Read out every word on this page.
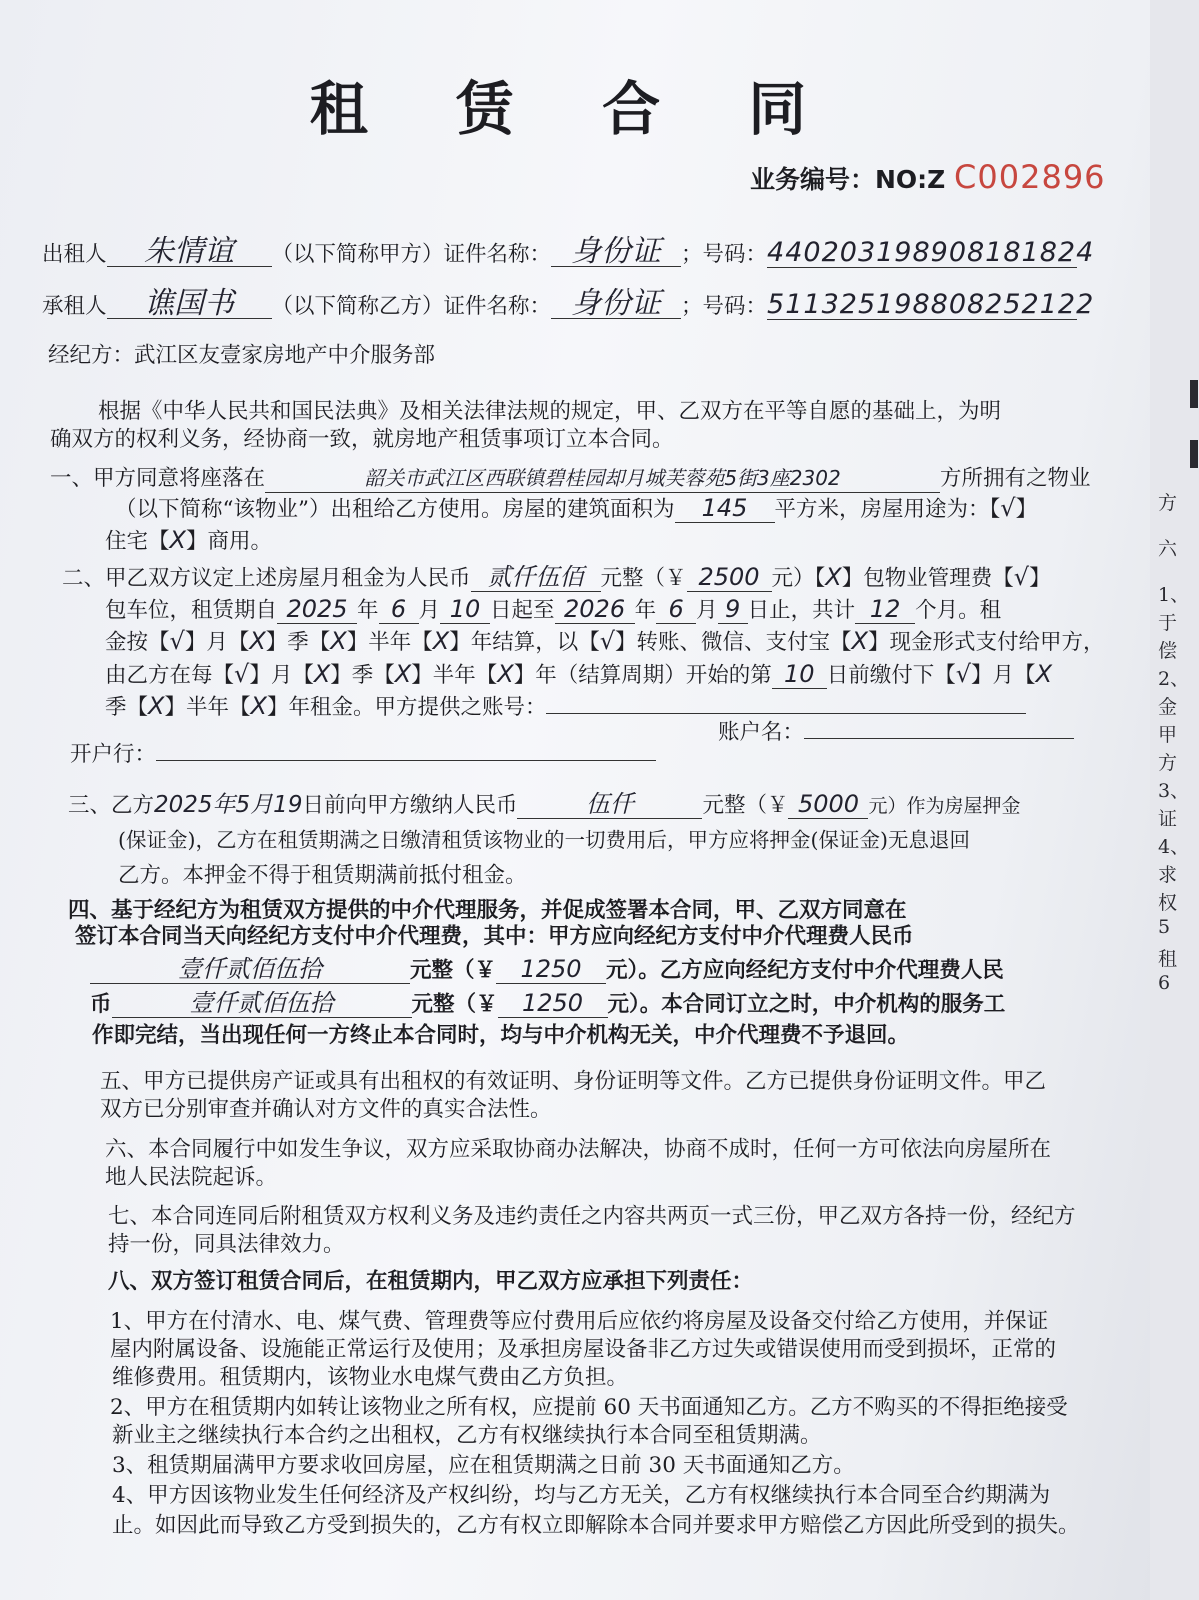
租 赁 合 同
业务编号：NO:Z C002896
出租人 朱情谊 （以下简称甲方）证件名称： 身份证 ；号码：440203198908181824
承租人 谯国书 （以下简称乙方）证件名称： 身份证 ；号码：511325198808252122
经纪方：武江区友壹家房地产中介服务部
根据《中华人民共和国民法典》及相关法律法规的规定，甲、乙双方在平等自愿的基础上，为明
确双方的权利义务，经协商一致，就房地产租赁事项订立本合同。
一、甲方同意将座落在	韶关市武江区西联镇碧桂园却月城芙蓉苑5街3座2302	方所拥有之物业
（以下简称“该物业”）出租给乙方使用。房屋的建筑面积为 145 平方米，房屋用途为：【√】
住宅【X】商用。
二、甲乙双方议定上述房屋月租金为人民币 贰仟伍佰 元整（￥ 2500 元）【X】包物业管理费【√】
包车位，租赁期自 2025 年 6 月 10 日起至 2026 年 6 月 9 日止，共计 12 个月。租
金按【√】月【X】季【X】半年【X】年结算，以【√】转账、微信、支付宝【X】现金形式支付给甲方，
由乙方在每【√】月【X】季【X】半年【X】年（结算周期）开始的第 10 日前缴付下【√】月【X
季【X】半年【X】年租金。甲方提供之账号：
账户名：
开户行：
三、乙方2025年5月19日前向甲方缴纳人民币	伍仟	元整（￥ 5000 元）作为房屋押金
(保证金)，乙方在租赁期满之日缴清租赁该物业的一切费用后，甲方应将押金(保证金)无息退回
乙方。本押金不得于租赁期满前抵付租金。
四、基于经纪方为租赁双方提供的中介代理服务，并促成签署本合同，甲、乙双方同意在
签订本合同当天向经纪方支付中介代理费，其中：甲方应向经纪方支付中介代理费人民币
壹仟贰佰伍拾	元整（￥ 1250 元）。乙方应向经纪方支付中介代理费人民
币	壹仟贰佰伍拾	元整（￥ 1250 元）。本合同订立之时，中介机构的服务工
作即完结，当出现任何一方终止本合同时，均与中介机构无关，中介代理费不予退回。
五、甲方已提供房产证或具有出租权的有效证明、身份证明等文件。乙方已提供身份证明文件。甲乙
双方已分别审查并确认对方文件的真实合法性。
六、本合同履行中如发生争议，双方应采取协商办法解决，协商不成时，任何一方可依法向房屋所在
地人民法院起诉。
七、本合同连同后附租赁双方权利义务及违约责任之内容共两页一式三份，甲乙双方各持一份，经纪方
持一份，同具法律效力。
八、双方签订租赁合同后，在租赁期内，甲乙双方应承担下列责任：
1、甲方在付清水、电、煤气费、管理费等应付费用后应依约将房屋及设备交付给乙方使用，并保证
屋内附属设备、设施能正常运行及使用；及承担房屋设备非乙方过失或错误使用而受到损坏，正常的
维修费用。租赁期内，该物业水电煤气费由乙方负担。
2、甲方在租赁期内如转让该物业之所有权，应提前 60 天书面通知乙方。乙方不购买的不得拒绝接受
新业主之继续执行本合约之出租权，乙方有权继续执行本合同至租赁期满。
3、租赁期届满甲方要求收回房屋，应在租赁期满之日前 30 天书面通知乙方。
4、甲方因该物业发生任何经济及产权纠纷，均与乙方无关，乙方有权继续执行本合同至合约期满为
止。如因此而导致乙方受到损失的，乙方有权立即解除本合同并要求甲方赔偿乙方因此所受到的损失。
方
六
1、
于
偿
2、
金
甲
方
3、
证
4、
求
权
5
租
6
